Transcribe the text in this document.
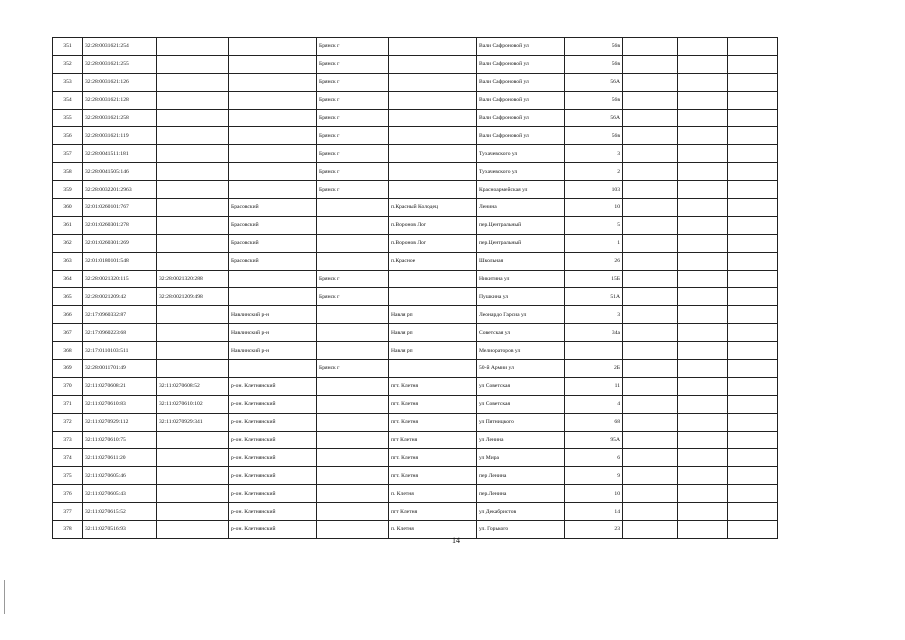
351	32:28:0031621:254			Брянск г		Вали Сафроновой ул	56в			
352	32:28:0031621:255			Брянск г		Вали Сафроновой ул	56в			
353	32:28:0031621:126			Брянск г		Вали Сафроновой ул	56А			
354	32:28:0031621:128			Брянск г		Вали Сафроновой ул	56в			
355	32:28:0031621:258			Брянск г		Вали Сафроновой ул	56А			
356	32:28:0031621:119			Брянск г		Вали Сафроновой ул	56в			
357	32:28:0041511:181			Брянск г		Тухачевского ул	3			
358	32:28:0041505:146			Брянск г		Тухачевского ул	2			
359	32:28:0032201:2963			Брянск г		Красноармейская ул	103			
360	32:01:0260101:767		Брасовский		п.Красный Колодец	Ленина	10			
361	32:01:0260301:278		Брасовский		п.Воронов Лог	пер.Центральный	5			
362	32:01:0260301:269		Брасовский		п.Воронов Лог	пер.Центральный	1			
363	32:01:0180101:548		Брасовский		п.Красное	Школьная	26			
364	32:28:0021320:115	32:28:0021320:288		Брянск г		Никитина ул	15Б			
365	32:28:0021209:42	32:28:0021209:498		Брянск г		Пушкина ул	51А			
366	32:17:0960332:87		Навлинский р-н		Навля рп	Леонардо Гарсиа ул	3			
367	32:17:0960223:68		Навлинский р-н		Навля рп	Советская ул	34а			
368	32:17:0110103:511		Навлинский р-н		Навля рп	Мелиораторов ул				
369	32:28:0011701:49			Брянск г		50-й Армии ул	2Б			
370	32:11:0270608:21	32:11:0270608:52	р-он. Клетнянский		пгт. Клетня	ул Советская	11			
371	32:11:0270610:83	32:11:0270610:102	р-он. Клетнянский		пгт. Клетня	ул Советская	4			
372	32:11:0270929:112	32:11:0270929:341	р-он. Клетнянский		пгт. Клетня	ул Пятницкого	68			
373	32:11:0270610:75		р-он. Клетнянский		пгт Клетня	ул Ленина	95А			
374	32:11:0270611:20		р-он. Клетнянский		пгт. Клетня	ул Мира	6			
375	32:11:0270605:46		р-он. Клетнянский		пгт. Клетня	пер Ленина	9			
376	32:11:0270605:43		р-он. Клетнянский		п. Клетня	пер.Ленина	10			
377	32:11:0270615:52		р-он. Клетнянский		пгт Клетня	ул Декабристов	14			
378	32:11:0270516:93		р-он. Клетнянский		п. Клетня	ул. Горького	23			
14
